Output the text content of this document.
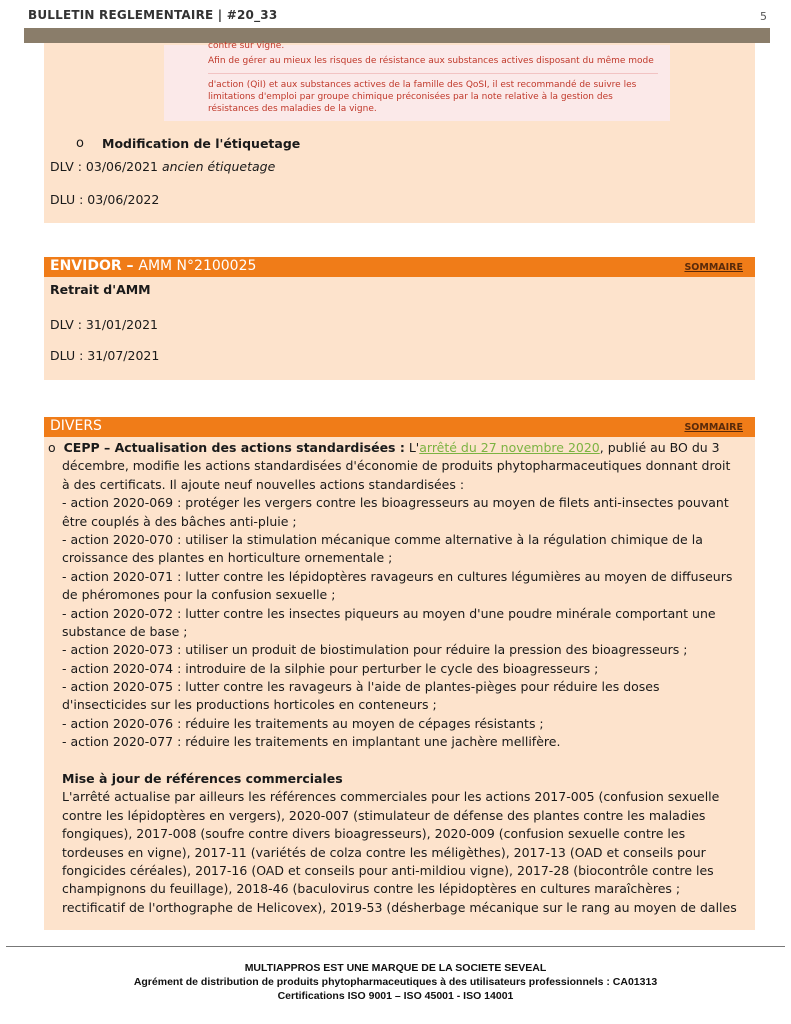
BULLETIN REGLEMENTAIRE | #20_33	5
contre sur vigne.
Afin de gérer au mieux les risques de résistance aux substances actives disposant du même mode
d'action (QiI) et aux substances actives de la famille des QoSI, il est recommandé de suivre les
limitations d'emploi par groupe chimique préconisées par la note relative à la gestion des
résistances des maladies de la vigne.
o Modification de l'étiquetage
DLV : 03/06/2021 ancien étiquetage
DLU : 03/06/2022
ENVIDOR – AMM N°2100025	SOMMAIRE
Retrait d'AMM
DLV : 31/01/2021
DLU : 31/07/2021
DIVERS	SOMMAIRE
o CEPP – Actualisation des actions standardisées : L'arrêté du 27 novembre 2020, publié au BO du 3
décembre, modifie les actions standardisées d'économie de produits phytopharmaceutiques donnant droit
à des certificats. Il ajoute neuf nouvelles actions standardisées :
- action 2020-069 : protéger les vergers contre les bioagresseurs au moyen de filets anti-insectes pouvant
être couplés à des bâches anti-pluie ;
- action 2020-070 : utiliser la stimulation mécanique comme alternative à la régulation chimique de la
croissance des plantes en horticulture ornementale ;
- action 2020-071 : lutter contre les lépidoptères ravageurs en cultures légumières au moyen de diffuseurs
de phéromones pour la confusion sexuelle ;
- action 2020-072 : lutter contre les insectes piqueurs au moyen d'une poudre minérale comportant une
substance de base ;
- action 2020-073 : utiliser un produit de biostimulation pour réduire la pression des bioagresseurs ;
- action 2020-074 : introduire de la silphie pour perturber le cycle des bioagresseurs ;
- action 2020-075 : lutter contre les ravageurs à l'aide de plantes-pièges pour réduire les doses
d'insecticides sur les productions horticoles en conteneurs ;
- action 2020-076 : réduire les traitements au moyen de cépages résistants ;
- action 2020-077 : réduire les traitements en implantant une jachère mellifère.
Mise à jour de références commerciales
L'arrêté actualise par ailleurs les références commerciales pour les actions 2017-005 (confusion sexuelle
contre les lépidoptères en vergers), 2020-007 (stimulateur de défense des plantes contre les maladies
fongiques), 2017-008 (soufre contre divers bioagresseurs), 2020-009 (confusion sexuelle contre les
tordeuses en vigne), 2017-11 (variétés de colza contre les méligèthes), 2017-13 (OAD et conseils pour
fongicides céréales), 2017-16 (OAD et conseils pour anti-mildiou vigne), 2017-28 (biocontrôle contre les
champignons du feuillage), 2018-46 (baculovirus contre les lépidoptères en cultures maraîchères ;
rectificatif de l'orthographe de Helicovex), 2019-53 (désherbage mécanique sur le rang au moyen de dalles
MULTIAPPROS EST UNE MARQUE DE LA SOCIETE SEVEAL
Agrément de distribution de produits phytopharmaceutiques à des utilisateurs professionnels : CA01313
Certifications ISO 9001 – ISO 45001 - ISO 14001
